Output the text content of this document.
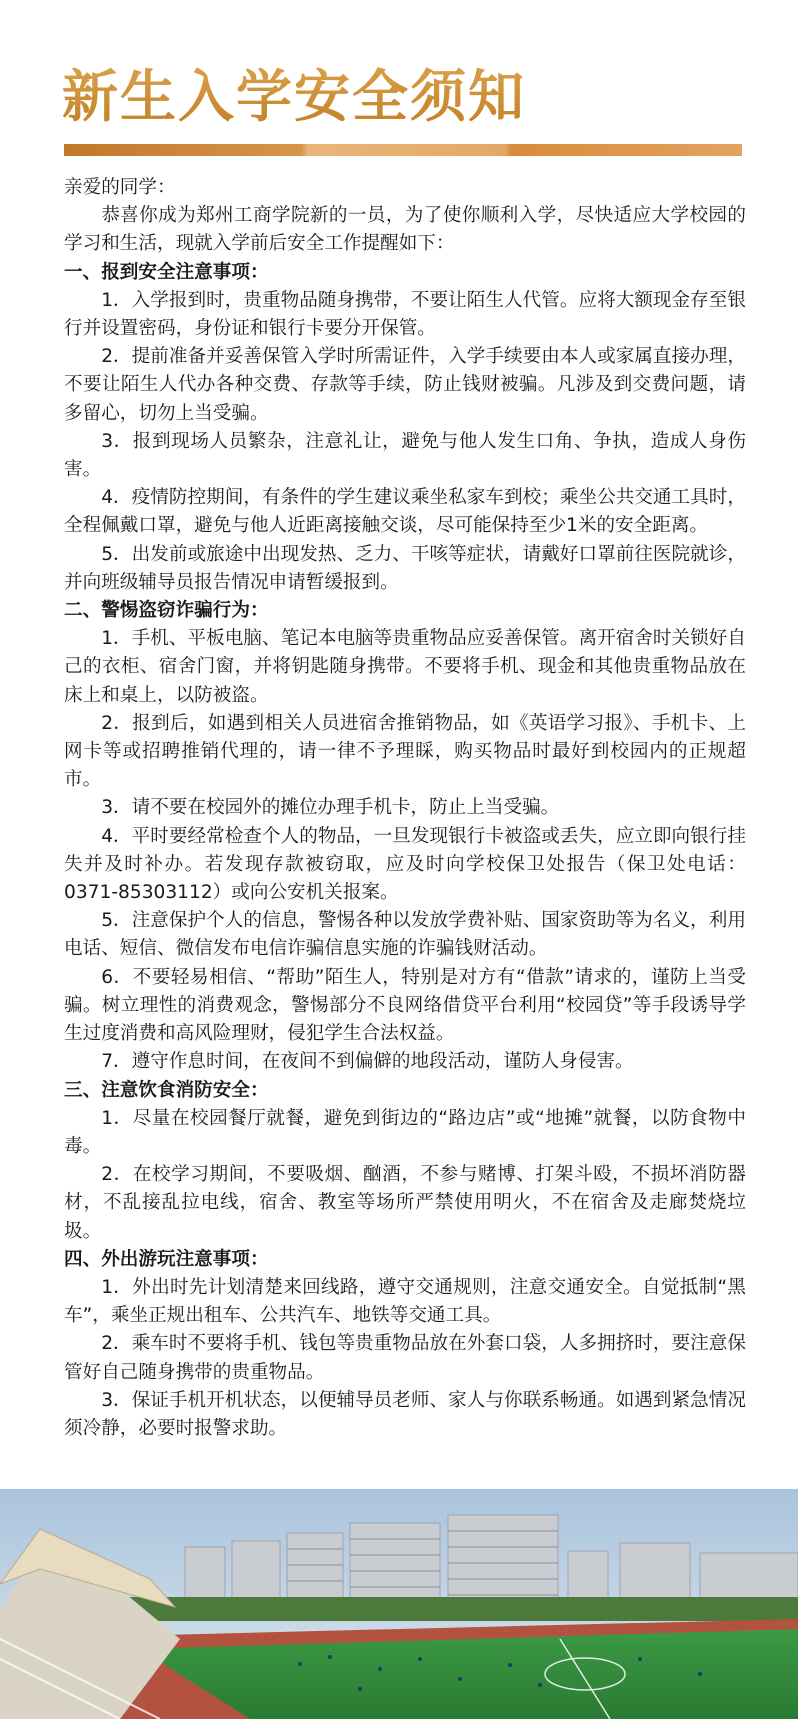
新生入学安全须知

亲爱的同学：

恭喜你成为郑州工商学院新的一员，为了使你顺利入学，尽快适应大学校园的学习和生活，现就入学前后安全工作提醒如下：

一、报到安全注意事项：

1．入学报到时，贵重物品随身携带，不要让陌生人代管。应将大额现金存至银行并设置密码，身份证和银行卡要分开保管。

2．提前准备并妥善保管入学时所需证件，入学手续要由本人或家属直接办理，不要让陌生人代办各种交费、存款等手续，防止钱财被骗。凡涉及到交费问题，请多留心，切勿上当受骗。

3．报到现场人员繁杂，注意礼让，避免与他人发生口角、争执，造成人身伤害。

4．疫情防控期间，有条件的学生建议乘坐私家车到校；乘坐公共交通工具时，全程佩戴口罩，避免与他人近距离接触交谈，尽可能保持至少1米的安全距离。

5．出发前或旅途中出现发热、乏力、干咳等症状，请戴好口罩前往医院就诊，并向班级辅导员报告情况申请暂缓报到。

二、警惕盗窃诈骗行为：

1．手机、平板电脑、笔记本电脑等贵重物品应妥善保管。离开宿舍时关锁好自己的衣柜、宿舍门窗，并将钥匙随身携带。不要将手机、现金和其他贵重物品放在床上和桌上，以防被盗。

2．报到后，如遇到相关人员进宿舍推销物品，如《英语学习报》、手机卡、上网卡等或招聘推销代理的，请一律不予理睬，购买物品时最好到校园内的正规超市。

3．请不要在校园外的摊位办理手机卡，防止上当受骗。

4．平时要经常检查个人的物品，一旦发现银行卡被盗或丢失，应立即向银行挂失并及时补办。若发现存款被窃取，应及时向学校保卫处报告（保卫处电话：0371-85303112）或向公安机关报案。

5．注意保护个人的信息，警惕各种以发放学费补贴、国家资助等为名义，利用电话、短信、微信发布电信诈骗信息实施的诈骗钱财活动。

6．不要轻易相信、“帮助”陌生人，特别是对方有“借款”请求的，谨防上当受骗。树立理性的消费观念，警惕部分不良网络借贷平台利用“校园贷”等手段诱导学生过度消费和高风险理财，侵犯学生合法权益。

7．遵守作息时间，在夜间不到偏僻的地段活动，谨防人身侵害。

三、注意饮食消防安全：

1．尽量在校园餐厅就餐，避免到街边的“路边店”或“地摊”就餐，以防食物中毒。

2．在校学习期间，不要吸烟、酗酒，不参与赌博、打架斗殴，不损坏消防器材，不乱接乱拉电线，宿舍、教室等场所严禁使用明火，不在宿舍及走廊焚烧垃圾。

四、外出游玩注意事项：

1．外出时先计划清楚来回线路，遵守交通规则，注意交通安全。自觉抵制“黑车”，乘坐正规出租车、公共汽车、地铁等交通工具。

2．乘车时不要将手机、钱包等贵重物品放在外套口袋，人多拥挤时，要注意保管好自己随身携带的贵重物品。

3．保证手机开机状态，以便辅导员老师、家人与你联系畅通。如遇到紧急情况须冷静，必要时报警求助。
